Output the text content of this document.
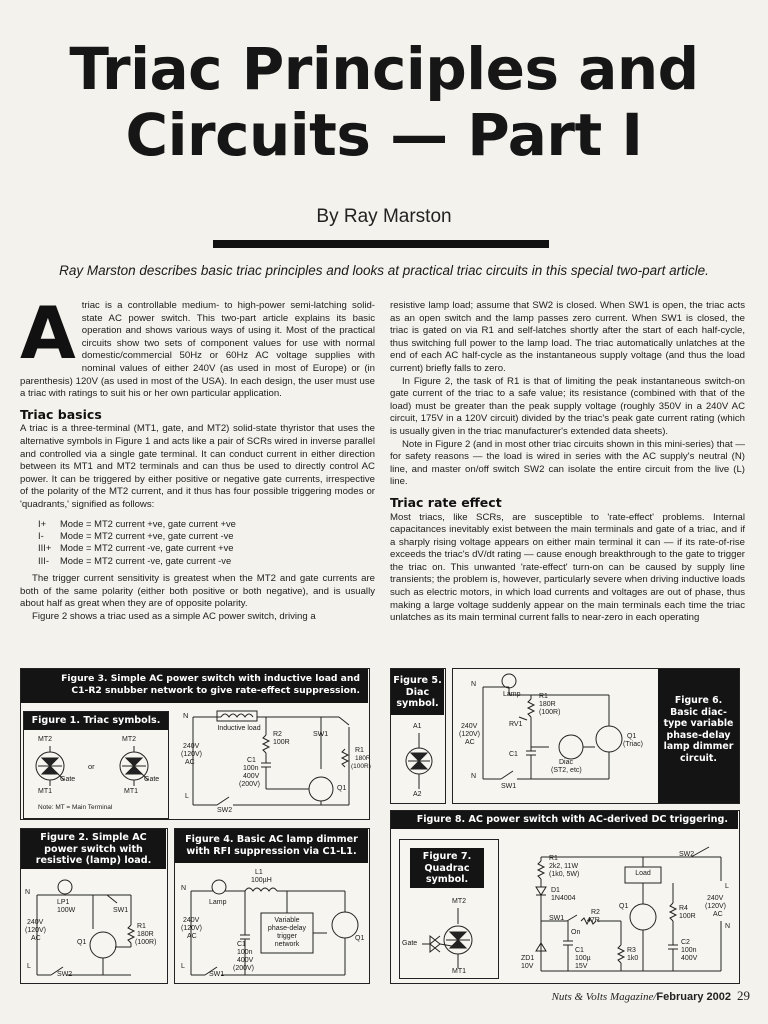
Triac Principles and
Circuits — Part I
By Ray Marston
Ray Marston describes basic triac principles and looks at practical triac circuits in this special two-part article.

Atriac is a controllable medium- to high-power semi-latching solid-state AC power switch. This two-part article explains its basic operation and shows various ways of using it. Most of the practical circuits show two sets of component values for use with normal domestic/commercial 50Hz or 60Hz AC voltage supplies with nominal values of either 240V (as used in most of Europe) or (in parenthesis) 120V (as used in most of the USA). In each design, the user must use a triac with ratings to suit his or her own particular application.

Triac basics

A triac is a three-terminal (MT1, gate, and MT2) solid-state thyristor that uses the alternative symbols in Figure 1 and acts like a pair of SCRs wired in inverse parallel and controlled via a single gate terminal. It can conduct current in either direction between its MT1 and MT2 terminals and can thus be used to directly control AC power. It can be triggered by either positive or negative gate currents, irrespective of the polarity of the MT2 current, and it thus has four possible triggering modes or 'quadrants,' signified as follows:

I+ Mode = MT2 current +ve, gate current +ve
I- Mode = MT2 current +ve, gate current -ve
III+ Mode = MT2 current -ve, gate current +ve
III- Mode = MT2 current -ve, gate current -ve

The trigger current sensitivity is greatest when the MT2 and gate currents are both of the same polarity (either both positive or both negative), and is usually about half as great when they are of opposite polarity.

Figure 2 shows a triac used as a simple AC power switch, driving a

resistive lamp load; assume that SW2 is closed. When SW1 is open, the triac acts as an open switch and the lamp passes zero current. When SW1 is closed, the triac is gated on via R1 and self-latches shortly after the start of each half-cycle, thus switching full power to the lamp load. The triac automatically unlatches at the end of each AC half-cycle as the instantaneous supply voltage (and thus the load current) briefly falls to zero.

In Figure 2, the task of R1 is that of limiting the peak instantaneous switch-on gate current of the triac to a safe value; its resistance (combined with that of the load) must be greater than the peak supply voltage (roughly 350V in a 240V AC circuit, 175V in a 120V circuit) divided by the triac's peak gate current rating (which is usually given in the triac manufacturer's extended data sheets).

Note in Figure 2 (and in most other triac circuits shown in this mini-series) that — for safety reasons — the load is wired in series with the AC supply's neutral (N) line, and master on/off switch SW2 can isolate the entire circuit from the live (L) line.

Triac rate effect

Most triacs, like SCRs, are susceptible to 'rate-effect' problems. Internal capacitances inevitably exist between the main terminals and gate of a triac, and if a sharply rising voltage appears on either main terminal it can — if its rate-of-rise exceeds the triac's dV/dt rating — cause enough breakthrough to the gate to trigger the triac on. This unwanted 'rate-effect' turn-on can be caused by supply line transients; the problem is, however, particularly severe when driving inductive loads such as electric motors, in which load currents and voltages are out of phase, thus making a large voltage suddenly appear on the main terminals each time the triac unlatches as its main terminal current falls to near-zero in each operating

Figure 3. Simple AC power switch with inductive load and C1-R2 snubber network to give rate-effect suppression.
N
Inductive load
R2
100R
SW1
240V
(120V)
AC	C1
100n
400V
(200V)
R1
180R
(100R)
Q1
L
SW2
Figure 1. Triac symbols.
MT2	MT2
Gate
or
Gate
MT1	MT1
Note: MT = Main Terminal
Figure 5. Diac symbol.
A1
A2
Figure 6. Basic diac-type variable phase-delay lamp dimmer circuit.
N
Lamp	R1
180R
(100R)
RV1
240V
(120V)
AC
C1
Diac
(ST2, etc)
Q1
(Triac)
N
SW1
Figure 2. Simple AC power switch with resistive (lamp) load.
N
LP1
100W	SW1
240V
(120V)
AC
Q1
R1
180R
(100R)
L
SW2
Figure 4. Basic AC lamp dimmer with RFI suppression via C1-L1.
N
L1
100µH
Lamp
240V
(120V)
AC
C1
100n
400V
(200V)
Variable
phase-delay
trigger
network
Q1
L
SW1
Figure 8. AC power switch with AC-derived DC triggering.
R1
2k2, 11W
(1k0, 5W)
SW2
L
D1
1N4004
Load
Q1
SW1
R2
47R
On
R4
100R
240V
(120V)
AC
N
C1
100µ
15V
R3
1k0
C2
100n
400V
ZD1
10V
Figure 7. Quadrac symbol.
MT2
Gate
MT1
Nuts & Volts Magazine/February 2002 29
